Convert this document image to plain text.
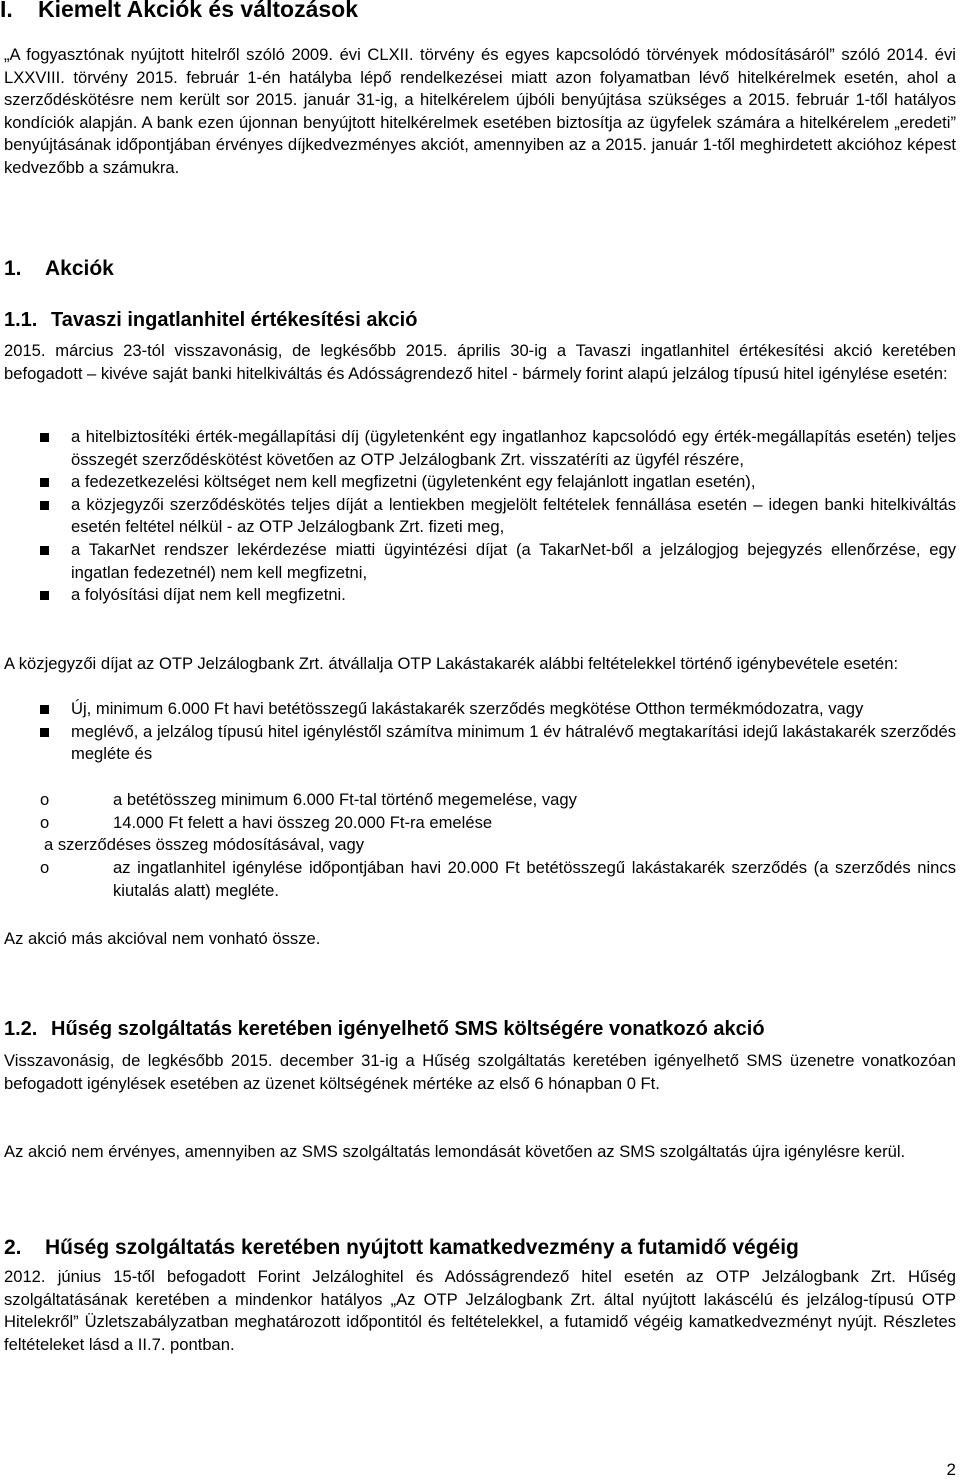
I. Kiemelt Akciók és változások

„A fogyasztónak nyújtott hitelről szóló 2009. évi CLXII. törvény és egyes kapcsolódó törvények módosításáról” szóló 2014. évi LXXVIII. törvény 2015. február 1-én hatályba lépő rendelkezései miatt azon folyamatban lévő hitelkérelmek esetén, ahol a szerződéskötésre nem került sor 2015. január 31-ig, a hitelkérelem újbóli benyújtása szükséges a 2015. február 1-től hatályos kondíciók alapján. A bank ezen újonnan benyújtott hitelkérelmek esetében biztosítja az ügyfelek számára a hitelkérelem „eredeti” benyújtásának időpontjában érvényes díjkedvezményes akciót, amennyiben az a 2015. január 1-től meghirdetett akcióhoz képest kedvezőbb a számukra.

1. Akciók
1.1. Tavaszi ingatlanhitel értékesítési akció

2015. március 23-tól visszavonásig, de legkésőbb 2015. április 30-ig a Tavaszi ingatlanhitel értékesítési akció keretében befogadott – kivéve saját banki hitelkiváltás és Adósságrendező hitel - bármely forint alapú jelzálog típusú hitel igénylése esetén:

a hitelbiztosítéki érték-megállapítási díj (ügyletenként egy ingatlanhoz kapcsolódó egy érték-megállapítás esetén) teljes összegét szerződéskötést követően az OTP Jelzálogbank Zrt. visszatéríti az ügyfél részére,
a fedezetkezelési költséget nem kell megfizetni (ügyletenként egy felajánlott ingatlan esetén),
a közjegyzői szerződéskötés teljes díját a lentiekben megjelölt feltételek fennállása esetén – idegen banki hitelkiváltás esetén feltétel nélkül - az OTP Jelzálogbank Zrt. fizeti meg,
a TakarNet rendszer lekérdezése miatti ügyintézési díjat (a TakarNet-ből a jelzálogjog bejegyzés ellenőrzése, egy ingatlan fedezetnél) nem kell megfizetni,
a folyósítási díjat nem kell megfizetni.

A közjegyzői díjat az OTP Jelzálogbank Zrt. átvállalja OTP Lakástakarék alábbi feltételekkel történő igénybevétele esetén:

Új, minimum 6.000 Ft havi betétösszegű lakástakarék szerződés megkötése Otthon termékmódozatra, vagy
meglévő, a jelzálog típusú hitel igényléstől számítva minimum 1 év hátralévő megtakarítási idejű lakástakarék szerződés megléte és
o	a betétösszeg minimum 6.000 Ft-tal történő megemelése, vagy
o	14.000 Ft felett a havi összeg 20.000 Ft-ra emelése

a szerződéses összeg módosításával, vagy

o	az ingatlanhitel igénylése időpontjában havi 20.000 Ft betétösszegű lakástakarék szerződés (a szerződés nincs kiutalás alatt) megléte.

Az akció más akcióval nem vonható össze.

1.2. Hűség szolgáltatás keretében igényelhető SMS költségére vonatkozó akció

Visszavonásig, de legkésőbb 2015. december 31-ig a Hűség szolgáltatás keretében igényelhető SMS üzenetre vonatkozóan befogadott igénylések esetében az üzenet költségének mértéke az első 6 hónapban 0 Ft.

Az akció nem érvényes, amennyiben az SMS szolgáltatás lemondását követően az SMS szolgáltatás újra igénylésre kerül.

2. Hűség szolgáltatás keretében nyújtott kamatkedvezmény a futamidő végéig

2012. június 15-től befogadott Forint Jelzáloghitel és Adósságrendező hitel esetén az OTP Jelzálogbank Zrt. Hűség szolgáltatásának keretében a mindenkor hatályos „Az OTP Jelzálogbank Zrt. által nyújtott lakáscélú és jelzálog-típusú OTP Hitelekről” Üzletszabályzatban meghatározott időpontitól és feltételekkel, a futamidő végéig kamatkedvezményt nyújt. Részletes feltételeket lásd a II.7. pontban.

2
